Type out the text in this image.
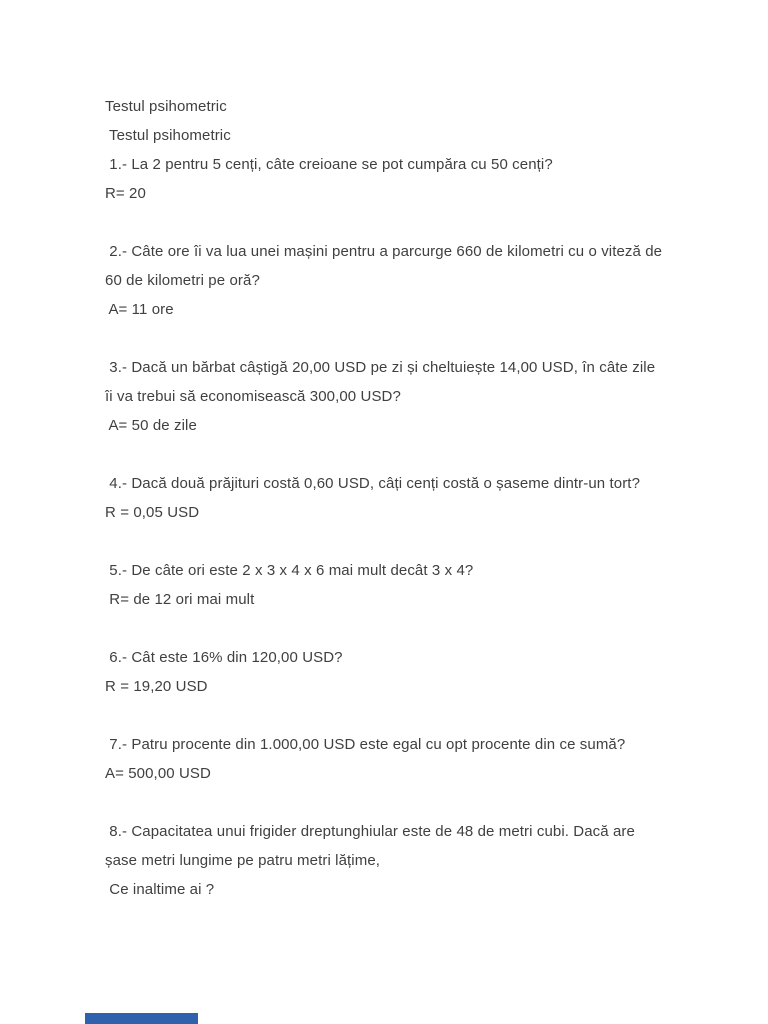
Testul psihometric
Testul psihometric
1.- La 2 pentru 5 cenți, câte creioane se pot cumpăra cu 50 cenți?
R= 20
2.- Câte ore îi va lua unei mașini pentru a parcurge 660 de kilometri cu o viteză de
60 de kilometri pe oră?
A= 11 ore
3.- Dacă un bărbat câștigă 20,00 USD pe zi și cheltuiește 14,00 USD, în câte zile
îi va trebui să economisească 300,00 USD?
A= 50 de zile
4.- Dacă două prăjituri costă 0,60 USD, câți cenți costă o șaseme dintr-un tort?
R = 0,05 USD
5.- De câte ori este 2 x 3 x 4 x 6 mai mult decât 3 x 4?
R= de 12 ori mai mult
6.- Cât este 16% din 120,00 USD?
R = 19,20 USD
7.- Patru procente din 1.000,00 USD este egal cu opt procente din ce sumă?
A= 500,00 USD
8.- Capacitatea unui frigider dreptunghiular este de 48 de metri cubi. Dacă are
șase metri lungime pe patru metri lățime,
Ce inaltime ai ?
